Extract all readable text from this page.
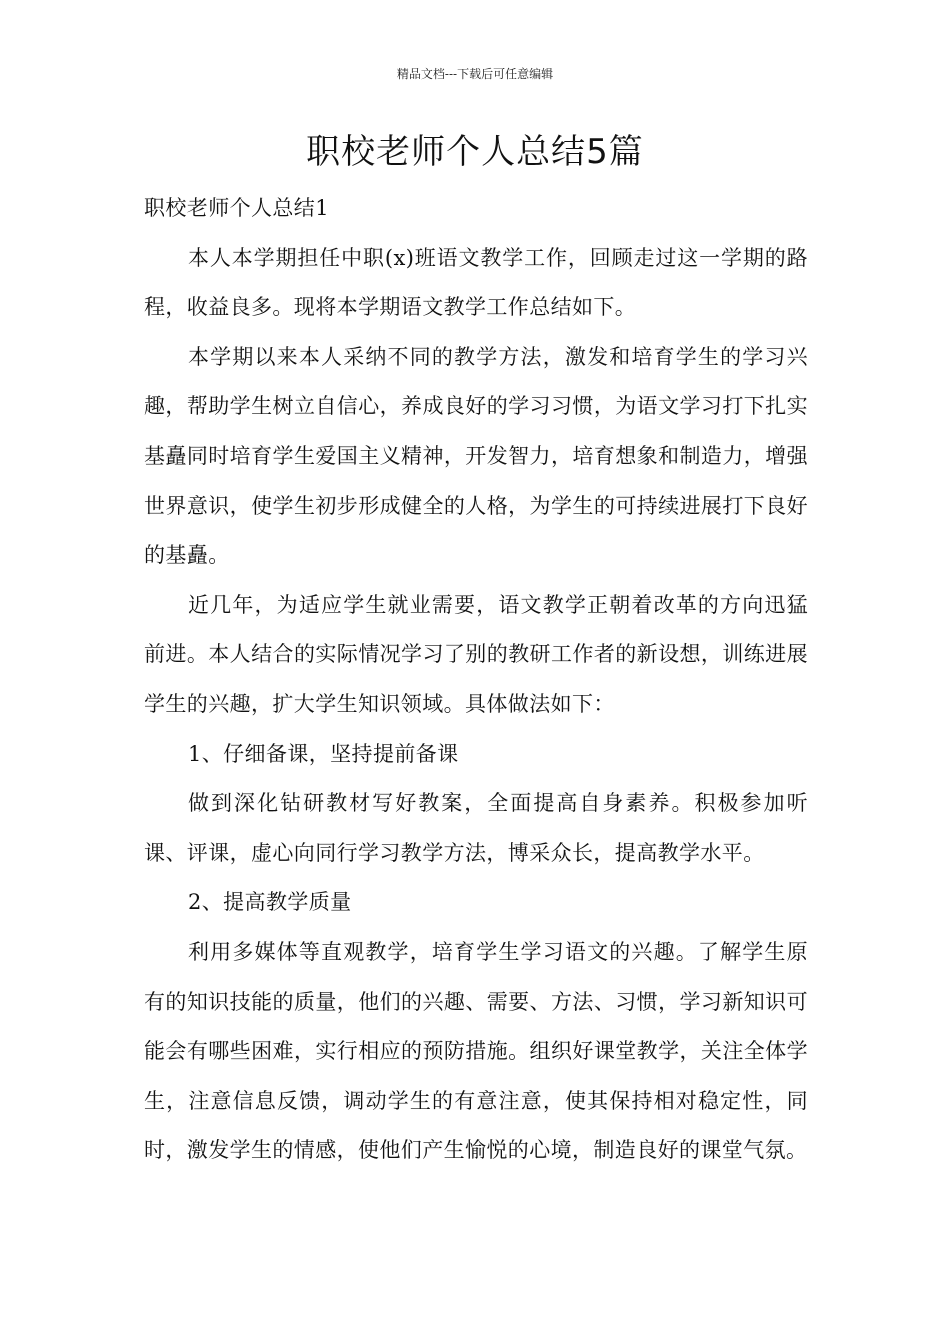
精品文档---下载后可任意编辑
职校老师个人总结5篇

职校老师个人总结1

本人本学期担任中职(x)班语文教学工作，回顾走过这一学期的路程，收益良多。现将本学期语文教学工作总结如下。

本学期以来本人采纳不同的教学方法，激发和培育学生的学习兴趣，帮助学生树立自信心，养成良好的学习习惯，为语文学习打下扎实基矗同时培育学生爱国主义精神，开发智力，培育想象和制造力，增强世界意识，使学生初步形成健全的人格，为学生的可持续进展打下良好的基矗。

近几年，为适应学生就业需要，语文教学正朝着改革的方向迅猛前进。本人结合的实际情况学习了别的教研工作者的新设想，训练进展学生的兴趣，扩大学生知识领域。具体做法如下：

1、仔细备课，坚持提前备课

做到深化钻研教材写好教案，全面提高自身素养。积极参加听课、评课，虚心向同行学习教学方法，博采众长，提高教学水平。

2、提高教学质量

利用多媒体等直观教学，培育学生学习语文的兴趣。了解学生原有的知识技能的质量，他们的兴趣、需要、方法、习惯，学习新知识可能会有哪些困难，实行相应的预防措施。组织好课堂教学，关注全体学生，注意信息反馈，调动学生的有意注意，使其保持相对稳定性，同时，激发学生的情感，使他们产生愉悦的心境，制造良好的课堂气氛。
